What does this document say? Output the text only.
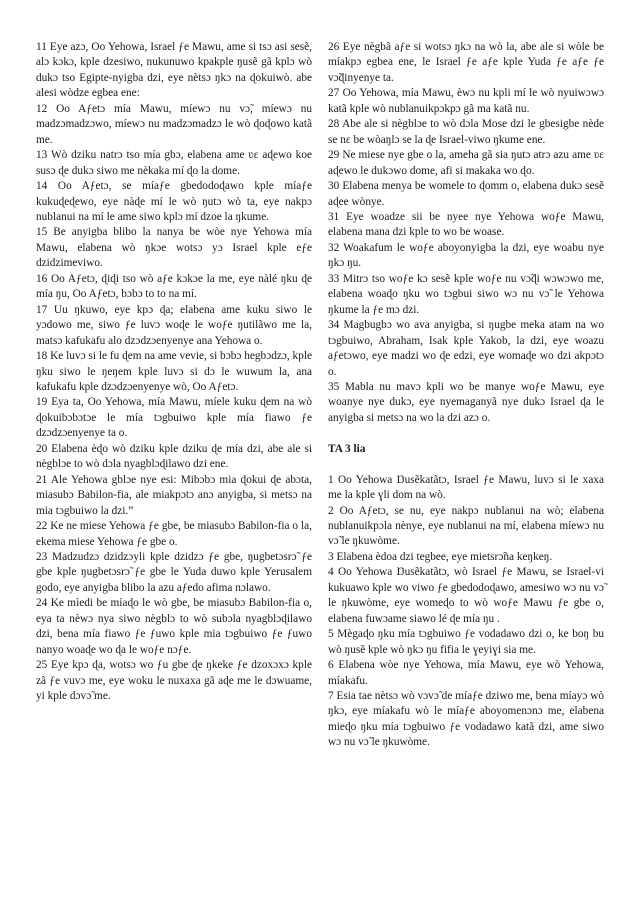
11 Eye azɔ, Oo Yehowa, Israel ƒe Mawu, ame si tsɔ asi sesẽ, alɔ kɔkɔ, kple dzesiwo, nukunuwo kpakple ŋusẽ gã kplɔ wò dukɔ tso Egipte-nyigba dzi, eye nètsɔ ŋkɔ na ɖokuiwò. abe alesi wòdze egbea ene:

12 Oo Aƒetɔ mía Mawu, míewɔ nu vɔ̃, míewɔ nu madzɔmadzɔwo, míewɔ nu madzɔmadzɔ le wò ɖoɖowo katã me.

13 Wò dziku natrɔ tso mía gbɔ, elabena ame ʋɛ aɖewo koe susɔ ɖe dukɔ siwo me nèkaka mí ɖo la dome.

14 Oo Aƒetɔ, se míaƒe gbedodoɖawo kple míaƒe kukuɖeɖewo, eye nàɖe mí le wò ŋutɔ wò ta, eye nakpɔ nublanui na mí le ame siwo kplɔ mí dzoe la ŋkume.

15 Be anyigba blibo la nanya be wòe nye Yehowa mía Mawu, elabena wò ŋkɔe wotsɔ yɔ Israel kple eƒe dzidzimeviwo.

16 Oo Aƒetɔ, ɖiɖi tso wò aƒe kɔkɔe la me, eye nàlé ŋku ɖe mía ŋu, Oo Aƒetɔ, bɔbɔ to to na mí.

17 Uu ŋkuwo, eye kpɔ ɖa; elabena ame kuku siwo le yɔdowo me, siwo ƒe luvɔ woɖe le woƒe ŋutilãwo me la, matsɔ kafukafu alo dzɔdzɔenyenye ana Yehowa o.

18 Ke luvɔ si le fu ɖem na ame vevie, si bɔbɔ hegbɔdzɔ, kple ŋku siwo le ŋeŋem kple luvɔ si dɔ le wuwum la, ana kafukafu kple dzɔdzɔenyenye wò, Oo Aƒetɔ.

19 Eya ta, Oo Yehowa, mía Mawu, míele kuku ɖem na wò ɖokuibɔbɔtɔe le mía tɔgbuiwo kple mía fiawo ƒe dzɔdzɔenyenye ta o.

20 Elabena èɖo wò dziku kple dziku ɖe mía dzi, abe ale si nègblɔe to wò dɔla nyagblɔɖilawo dzi ene.

21 Ale Yehowa gblɔe nye esi: Mibɔbɔ mia ɖokui ɖe abɔta, miasubɔ Babilon-fia, ale miakpɔtɔ anɔ anyigba, si metsɔ na mia tɔgbuiwo la dzi.”

22 Ke ne miese Yehowa ƒe gbe, be miasubɔ Babilon-fia o la, ekema miese Yehowa ƒe gbe o.

23 Madzudzɔ dzidzɔyli kple dzidzɔ ƒe gbe, ŋugbetɔsrɔ̃ ƒe gbe kple ŋugbetɔsrɔ̃ ƒe gbe le Yuda duwo kple Yerusalem godo, eye anyigba blibo la azu aƒedo afima nɔlawo.

24 Ke mìedi be míaɖo le wò gbe, be miasubɔ Babilon-fia o, eya ta nèwɔ nya siwo nègblɔ to wò subɔla nyagblɔɖilawo dzi, bena mía fiawo ƒe ƒuwo kple mia tɔgbuiwo ƒe ƒuwo nanyo woaɖe wo ɖa le woƒe nɔƒe.

25 Eye kpɔ ɖa, wotsɔ wo ƒu gbe ɖe ŋkeke ƒe dzoxɔxɔ kple zã ƒe vuvɔ me, eye woku le nuxaxa gã aɖe me le dɔwuame, yi kple dɔvɔ̃ me.

26 Eye nègbã aƒe si wotsɔ ŋkɔ na wò la, abe ale si wòle be míakpɔ egbea ene, le Israel ƒe aƒe kple Yuda ƒe aƒe ƒe vɔ̃ɖinyenye ta.

27 Oo Yehowa, mía Mawu, èwɔ nu kpli mí le wò nyuiwɔwɔ katã kple wò nublanuikpɔkpɔ gã ma katã nu.

28 Abe ale si nègblɔe to wò dɔla Mose dzi le gbesigbe nède se nɛ be wòaŋlɔ se la ɖe Israel-viwo ŋkume ene.

29 Ne miese nye gbe o la, ameha gã sia ŋutɔ atrɔ azu ame ʋɛ aɖewo le dukɔwo dome, afi si makaka wo ɖo.

30 Elabena menya be womele to ɖomm o, elabena dukɔ sesẽ aɖee wònye.

31 Eye woadze sii be nyee nye Yehowa woƒe Mawu, elabena mana dzi kple to wo be woase.

32 Woakafum le woƒe aboyonyigba la dzi, eye woabu nye ŋkɔ ŋu.

33 Mitrɔ tso woƒe kɔ sesẽ kple woƒe nu vɔ̃ɖi wɔwɔwo me, elabena woaɖo ŋku wo tɔgbui siwo wɔ nu vɔ̃ le Yehowa ŋkume la ƒe mɔ dzi.

34 Magbugbɔ wo ava anyigba, si ŋugbe meka atam na wo tɔgbuiwo, Abraham, Isak kple Yakob, la dzi, eye woazu aƒetɔwo, eye madzi wo ɖe edzi, eye womaɖe wo dzi akpɔtɔ o.

35 Mabla nu mavɔ kpli wo be manye woƒe Mawu, eye woanye nye dukɔ, eye nyemaganyã nye dukɔ Israel ɖa le anyigba si metsɔ na wo la dzi azɔ o.

TA 3 lia

1 Oo Yehowa Ŋusẽkatãtɔ, Israel ƒe Mawu, luvɔ si le xaxa me la kple ɣli dom na wò.

2 Oo Aƒetɔ, se nu, eye nakpɔ nublanui na wò; elabena nublanuikpɔla nènye, eye nublanui na mí, elabena míewɔ nu vɔ̃ le ŋkuwòme.

3 Elabena èdoa dzi tegbee, eye mietsrɔ̃na keŋkeŋ.

4 Oo Yehowa Ŋusẽkatãtɔ, wò Israel ƒe Mawu, se Israel-vi kukuawo kple wo viwo ƒe gbedodoɖawo, amesiwo wɔ nu vɔ̃ le ŋkuwòme, eye womeɖo to wò woƒe Mawu ƒe gbe o, elabena fuwɔame siawo lé ɖe mía ŋu .

5 Mègaɖo ŋku mía tɔgbuiwo ƒe vodadawo dzi o, ke boŋ bu wò ŋusẽ kple wò ŋkɔ ŋu fifia le ɣeyiɣi sia me.

6 Elabena wòe nye Yehowa, mía Mawu, eye wò Yehowa, míakafu.

7 Esia tae nètsɔ wò vɔvɔ̃ de míaƒe dziwo me, bena míayɔ wò ŋkɔ, eye míakafu wò le míaƒe aboyomenɔnɔ me, elabena mieɖo ŋku mía tɔgbuiwo ƒe vodadawo katã dzi, ame siwo wɔ nu vɔ̃ le ŋkuwòme.
